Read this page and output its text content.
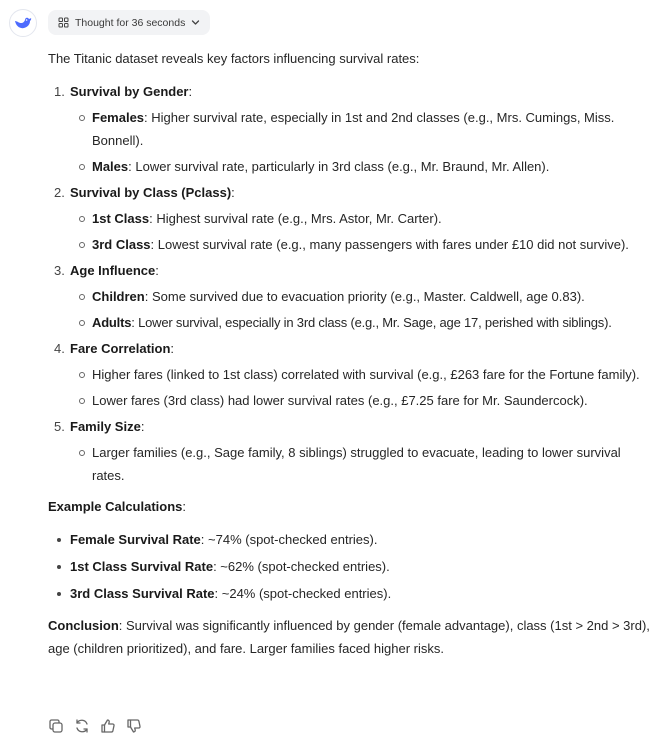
Thought for 36 seconds

The Titanic dataset reveals key factors influencing survival rates:

1. Survival by Gender:
Females: Higher survival rate, especially in 1st and 2nd classes (e.g., Mrs. Cumings, Miss. Bonnell).
Males: Lower survival rate, particularly in 3rd class (e.g., Mr. Braund, Mr. Allen).
2. Survival by Class (Pclass):
1st Class: Highest survival rate (e.g., Mrs. Astor, Mr. Carter).
3rd Class: Lowest survival rate (e.g., many passengers with fares under £10 did not survive).
3. Age Influence:
Children: Some survived due to evacuation priority (e.g., Master. Caldwell, age 0.83).
Adults: Lower survival, especially in 3rd class (e.g., Mr. Sage, age 17, perished with siblings).
4. Fare Correlation:
Higher fares (linked to 1st class) correlated with survival (e.g., £263 fare for the Fortune family).
Lower fares (3rd class) had lower survival rates (e.g., £7.25 fare for Mr. Saundercock).
5. Family Size:
Larger families (e.g., Sage family, 8 siblings) struggled to evacuate, leading to lower survival rates.

Example Calculations:

Female Survival Rate: ~74% (spot-checked entries).
1st Class Survival Rate: ~62% (spot-checked entries).
3rd Class Survival Rate: ~24% (spot-checked entries).

Conclusion: Survival was significantly influenced by gender (female advantage), class (1st > 2nd > 3rd), age (children prioritized), and fare. Larger families faced higher risks.
